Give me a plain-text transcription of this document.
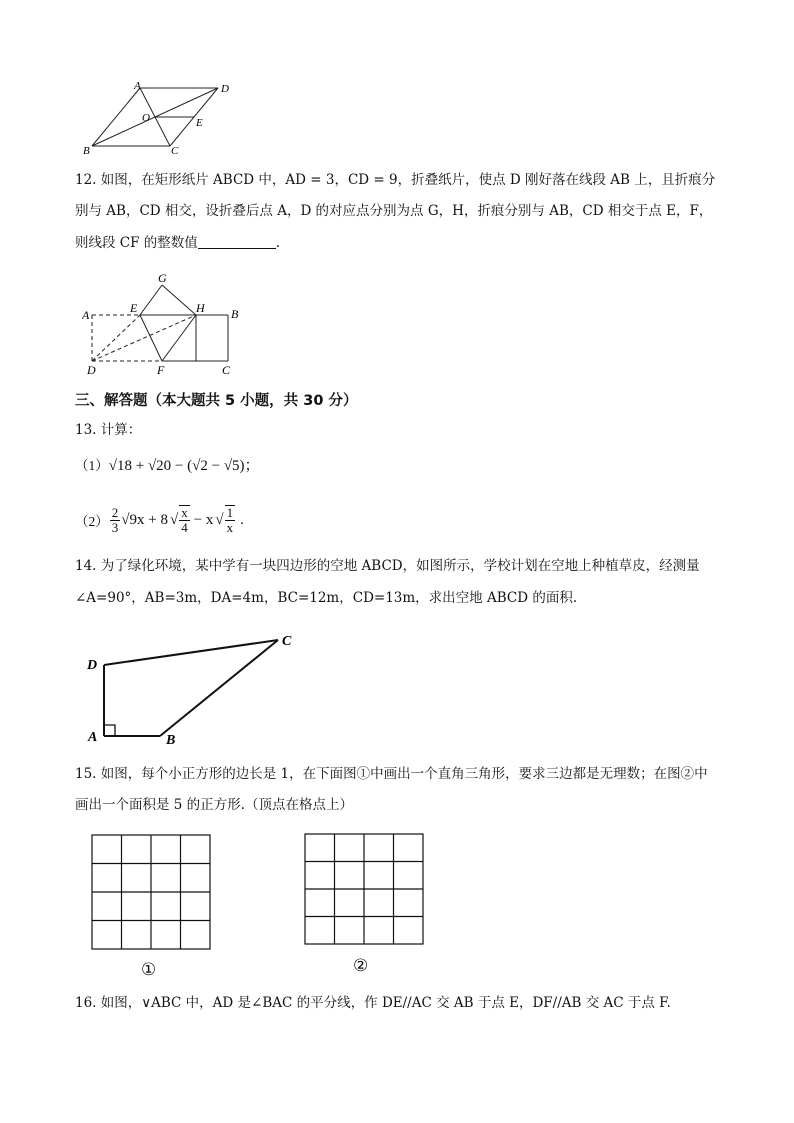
A	D
O	E
B	C
12. 如图，在矩形纸片 ABCD 中，AD = 3，CD = 9，折叠纸片，使点 D 刚好落在线段 AB 上，且折痕分
别与 AB，CD 相交，设折叠后点 A，D 的对应点分别为点 G，H，折痕分别与 AB，CD 相交于点 E，F，
则线段 CF 的整数值	.
G
A	E	H B
D	F	C
三、解答题（本大题共 5 小题，共 30 分）
13. 计算：
（1）√18 + √20 − (√2 − √5)；
$(2) \frac{2}{3} √9x + 8$ √ $\frac{x}{4} - x$ √ $\frac{1}{x}$ .
14. 为了绿化环境，某中学有一块四边形的空地 ABCD，如图所示，学校计划在空地上种植草皮，经测量
∠A=90°，AB=3m，DA=4m，BC=12m，CD=13m，求出空地 ABCD 的面积.
D
C
A	B
15. 如图，每个小正方形的边长是 1，在下面图①中画出一个直角三角形，要求三边都是无理数；在图②中
画出一个面积是 5 的正方形.（顶点在格点上）
①	②
16. 如图，∨ABC 中，AD 是∠BAC 的平分线，作 DE//AC 交 AB 于点 E，DF//AB 交 AC 于点 F.
